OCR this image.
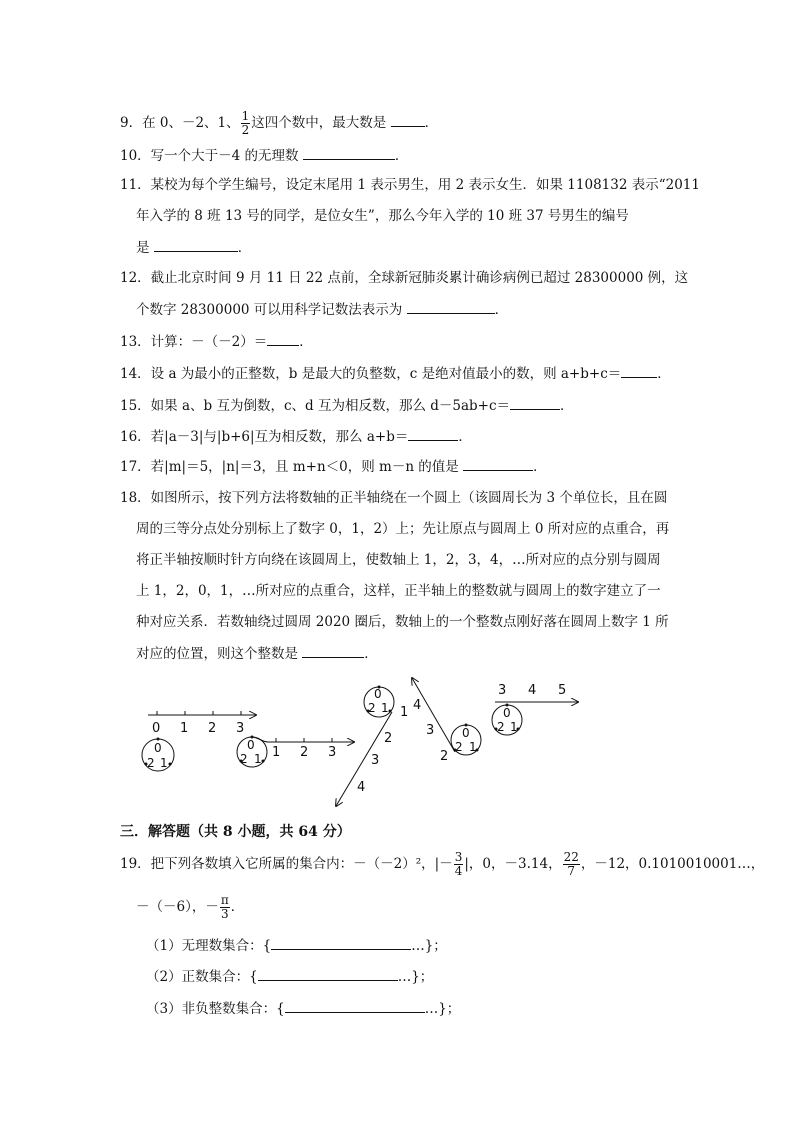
9．在 0、－2、1、 $\frac{1}{2}$ 这四个数中，最大数是	．
10．写一个大于－4 的无理数	．
11．某校为每个学生编号，设定末尾用 1 表示男生，用 2 表示女生．如果 1108132 表示“2011
年入学的 8 班 13 号的同学，是位女生”，那么今年入学的 10 班 37 号男生的编号
是	．
12．截止北京时间 9 月 11 日 22 点前，全球新冠肺炎累计确诊病例已超过 28300000 例，这
个数字 28300000 可以用科学记数法表示为	．
13．计算：－（－2）＝ ．
14．设 a 为最小的正整数，b 是最大的负整数，c 是绝对值最小的数，则 a+b+c＝	．
15．如果 a、b 互为倒数，c、d 互为相反数，那么 d－5ab+c＝	．
16．若|a－3|与|b+6|互为相反数，那么 a+b＝	．
17．若|m|＝5，|n|＝3，且 m+n＜0，则 m－n 的值是	．
18．如图所示，按下列方法将数轴的正半轴绕在一个圆上（该圆周长为 3 个单位长，且在圆
周的三等分点处分别标上了数字 0，1，2）上；先让原点与圆周上 0 所对应的点重合，再
将正半轴按顺时针方向绕在该圆周上，使数轴上 1，2，3，4，…所对应的点分别与圆周
上 1，2，0，1，…所对应的点重合，这样，正半轴上的整数就与圆周上的数字建立了一
种对应关系．若数轴绕过圆周 2020 圈后，数轴上的一个整数点刚好落在圆周上数字 1 所
对应的位置，则这个整数是	．
0 1 2 3
0
2 1
0
2 1 1 2 3
0
2 1 1
2
3
4
4
3
2
0
2 1
3 4 5
0
2 1
三．解答题（共 8 小题，共 64 分）
19．把下列各数填入它所属的集合内：－（－2）²，|－ $\frac{3}{4}$ |，0，－3.14， $\frac{22}{7}$ ，－12，0.1010010001…，
－（－6），－ $\frac{\pi}{3}$ ．
（1）无理数集合：{	…}；
（2）正数集合：{	…}；
（3）非负整数集合：{	…}；
